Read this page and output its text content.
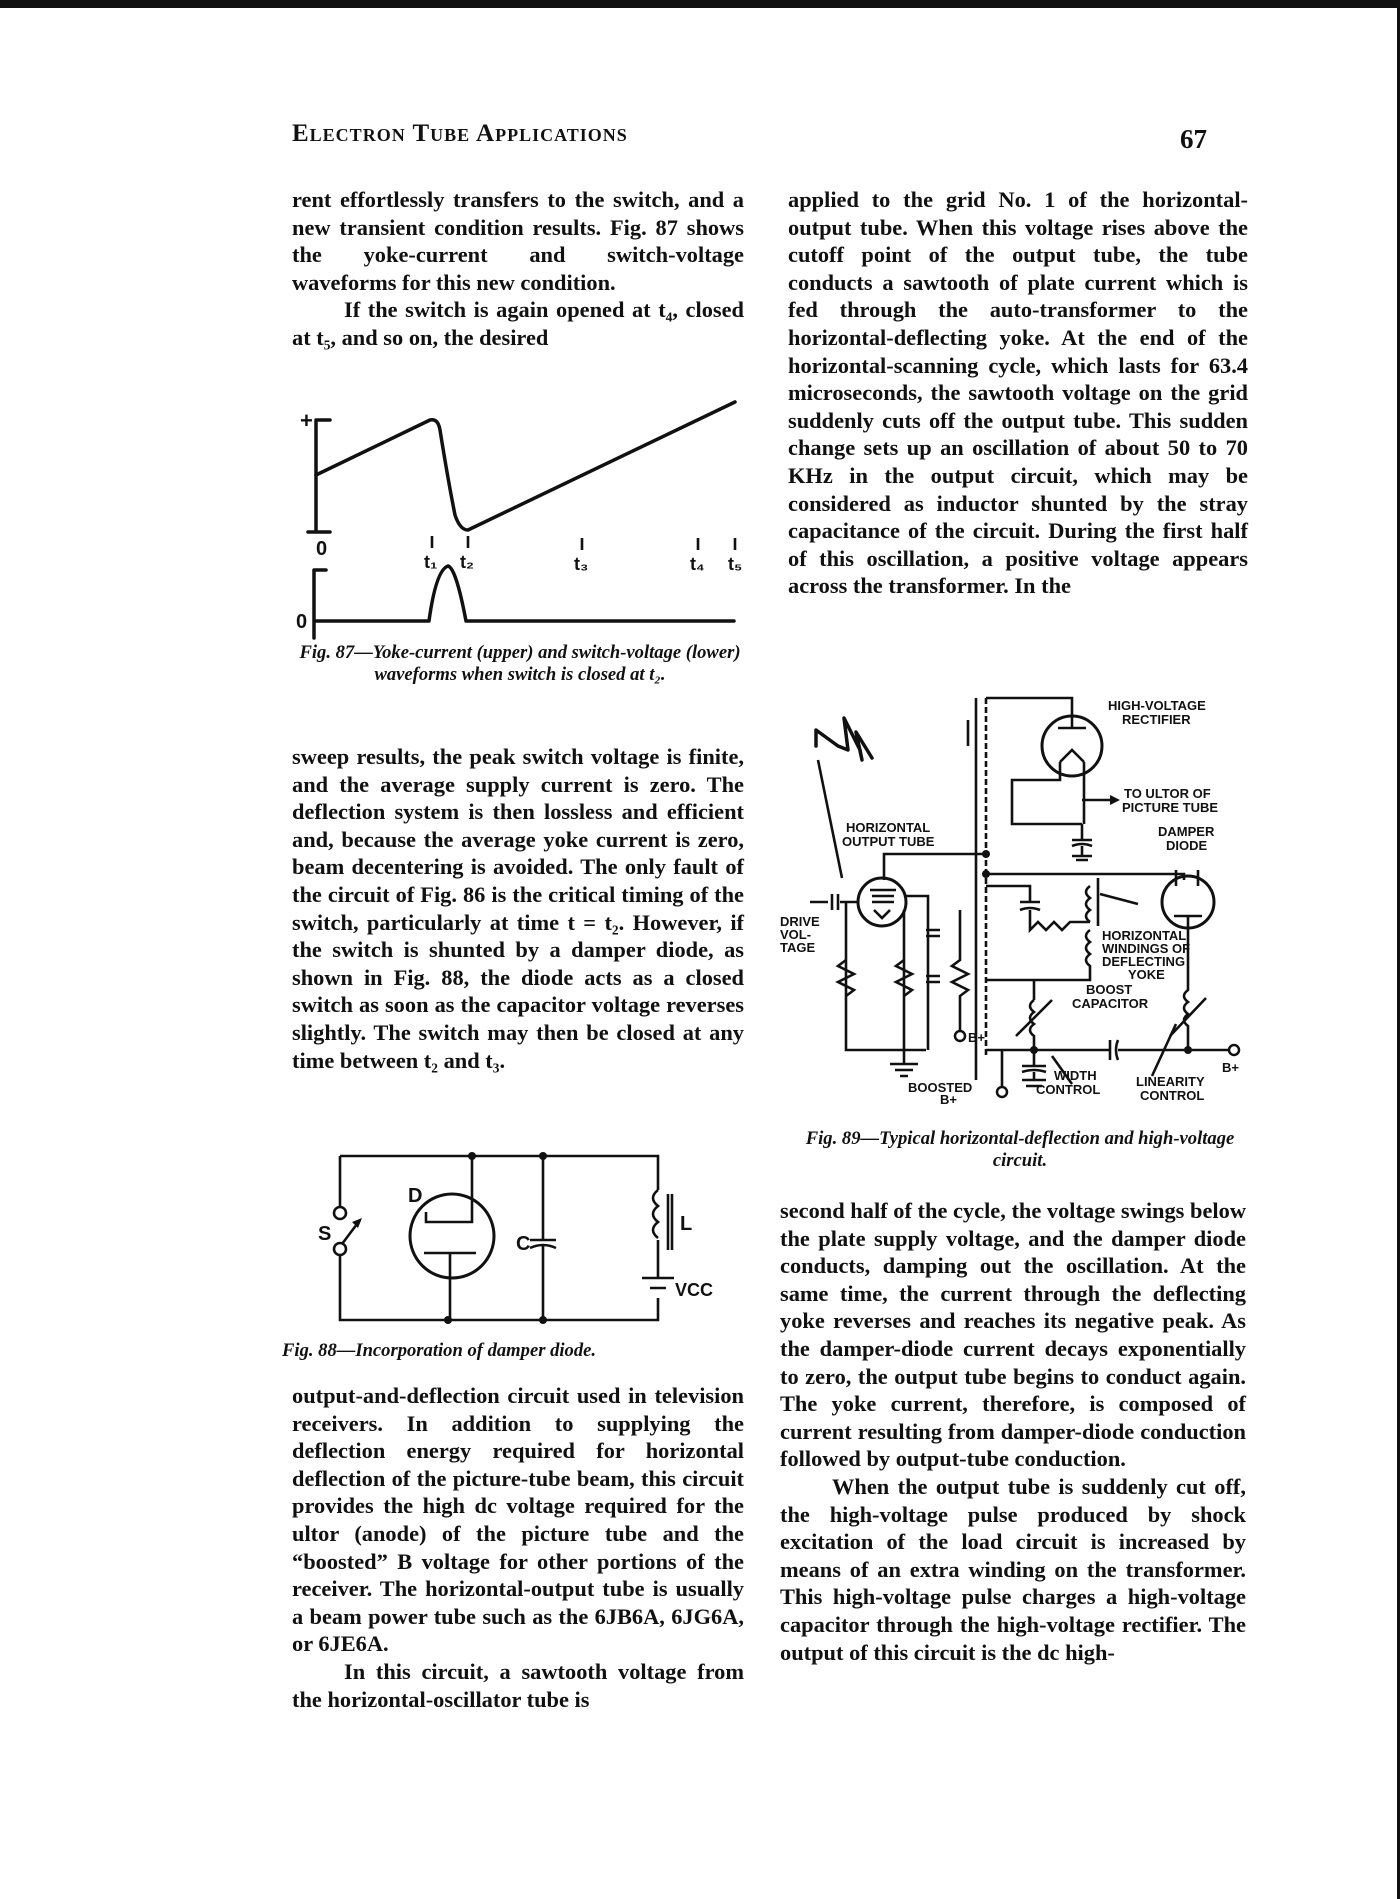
Electron Tube Applications	67

rent effortlessly transfers to the switch, and a new transient condition results. Fig. 87 shows the yoke-current and switch-voltage waveforms for this new condition.

If the switch is again opened at t₄, closed at t₅, and so on, the desired

+
0
t₁ t₂	t₃	t₄ t₅
0
Fig. 87—Yoke-current (upper) and switch-voltage (lower) waveforms when switch is closed at t₂.

sweep results, the peak switch voltage is finite, and the average supply current is zero. The deflection system is then lossless and efficient and, because the average yoke current is zero, beam decentering is avoided. The only fault of the circuit of Fig. 86 is the critical timing of the switch, particularly at time t = t₂. However, if the switch is shunted by a damper diode, as shown in Fig. 88, the diode acts as a closed switch as soon as the capacitor voltage reverses slightly. The switch may then be closed at any time between t₂ and t₃.

S
D
C
L
VCC
Fig. 88—Incorporation of damper diode.

output-and-deflection circuit used in television receivers. In addition to supplying the deflection energy required for horizontal deflection of the picture-tube beam, this circuit provides the high dc voltage required for the ultor (anode) of the picture tube and the “boosted” B voltage for other portions of the receiver. The horizontal-output tube is usually a beam power tube such as the 6JB6A, 6JG6A, or 6JE6A.

In this circuit, a sawtooth voltage from the horizontal-oscillator tube is

applied to the grid No. 1 of the horizontal-output tube. When this voltage rises above the cutoff point of the output tube, the tube conducts a sawtooth of plate current which is fed through the auto-transformer to the horizontal-deflecting yoke. At the end of the horizontal-scanning cycle, which lasts for 63.4 microseconds, the sawtooth voltage on the grid suddenly cuts off the output tube. This sudden change sets up an oscillation of about 50 to 70 KHz in the output circuit, which may be considered as inductor shunted by the stray capacitance of the circuit. During the first half of this oscillation, a positive voltage appears across the transformer. In the

HIGH-VOLTAGE
RECTIFIER
TO ULTOR OF
PICTURE TUBE
DAMPER
DIODE
HORIZONTAL
OUTPUT TUBE
DRIVE
VOL-
TAGE
HORIZONTAL
WINDINGS OF
DEFLECTING
YOKE
BOOST
CAPACITOR
B+
B+
BOOSTED
B+
WIDTH
CONTROL
LINEARITY
CONTROL
Fig. 89—Typical horizontal-deflection and high-voltage circuit.

second half of the cycle, the voltage swings below the plate supply voltage, and the damper diode conducts, damping out the oscillation. At the same time, the current through the deflecting yoke reverses and reaches its negative peak. As the damper-diode current decays exponentially to zero, the output tube begins to conduct again. The yoke current, therefore, is composed of current resulting from damper-diode conduction followed by output-tube conduction.

When the output tube is suddenly cut off, the high-voltage pulse produced by shock excitation of the load circuit is increased by means of an extra winding on the transformer. This high-voltage pulse charges a high-voltage capacitor through the high-voltage rectifier. The output of this circuit is the dc high-
